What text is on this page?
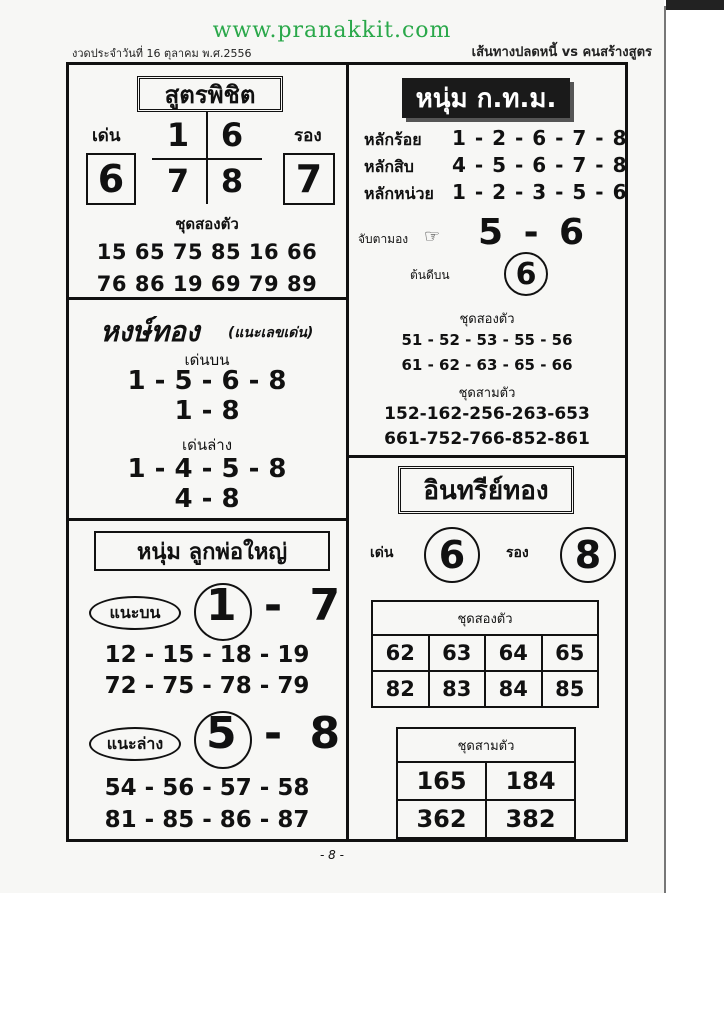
www.pranakkit.com
งวดประจำวันที่ 16 ตุลาคม พ.ศ.2556	เส้นทางปลดหนี้ vs คนสร้างสูตร
สูตรพิชิต
เด่น	รอง
6	7
1 6
7 8
ชุดสองตัว
15 65 75 85 16 66
76 86 19 69 79 89
หงษ์ทอง (แนะเลขเด่น)
เด่นบน
1 - 5 - 6 - 8
1 - 8
เด่นล่าง
1 - 4 - 5 - 8
4 - 8
หนุ่ม ลูกพ่อใหญ่
แนะบน	1 - 7
12 - 15 - 18 - 19
72 - 75 - 78 - 79
แนะล่าง 5 - 8
54 - 56 - 57 - 58
81 - 85 - 86 - 87
หนุ่ม ก.ท.ม.
หลักร้อย 1 - 2 - 6 - 7 - 8
หลักสิบ 4 - 5 - 6 - 7 - 8
หลักหน่วย 1 - 2 - 3 - 5 - 6
จับตามอง ☞ 5 - 6
ต้นดีบน	6
ชุดสองตัว
51 - 52 - 53 - 55 - 56
61 - 62 - 63 - 65 - 66
ชุดสามตัว
152-162-256-263-653
661-752-766-852-861
อินทรีย์ทอง
เด่น	6	รอง	8
ชุดสองตัว			
62	63	64	65
82	83	84	85
ชุดสามตัว	
165	184
362	382
- 8 -
